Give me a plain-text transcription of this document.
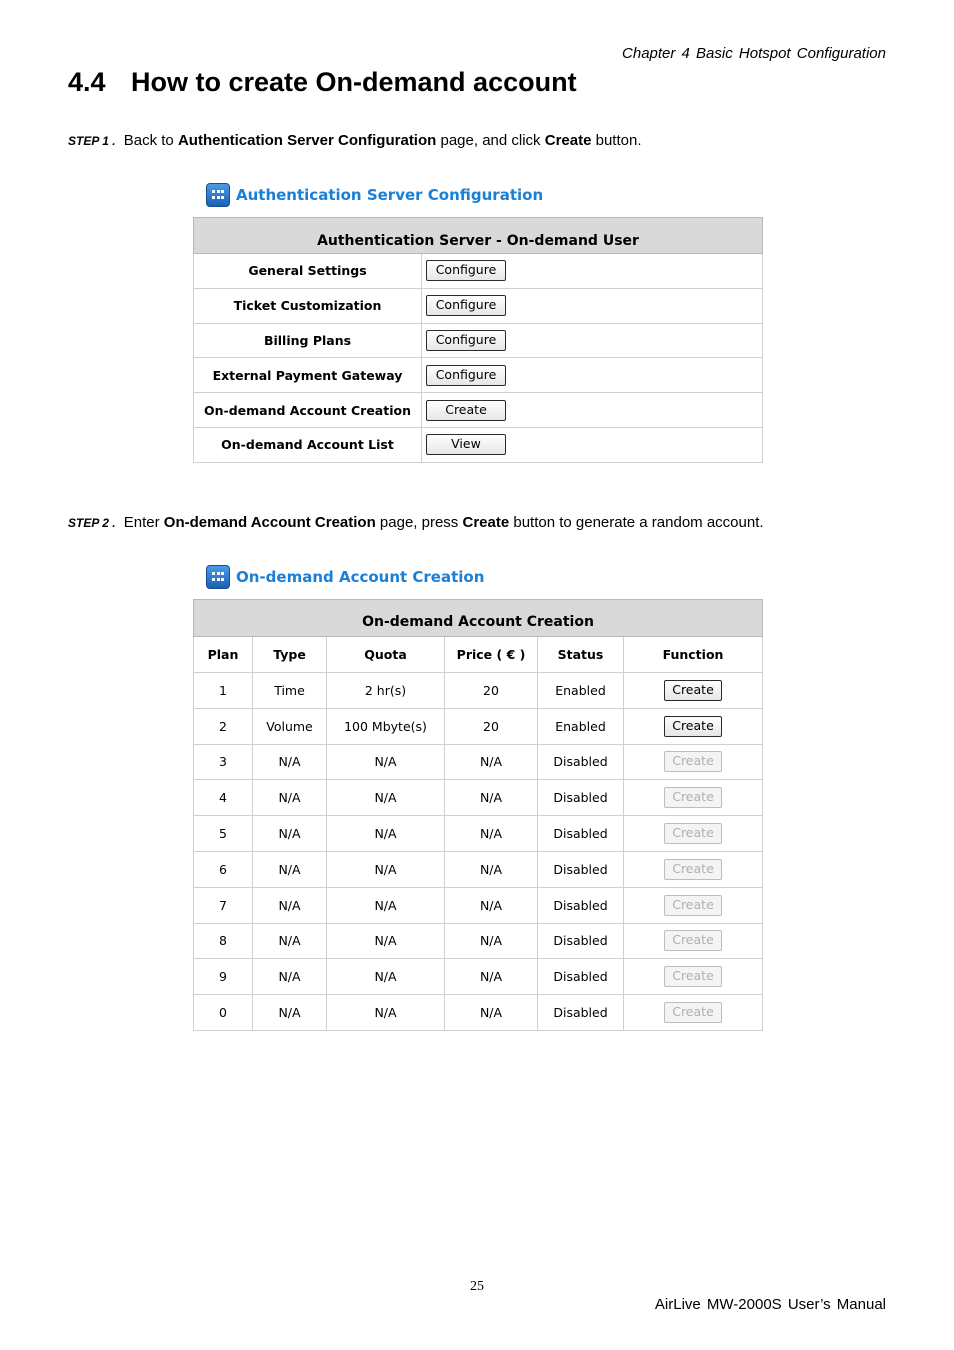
Chapter 4 Basic Hotspot Configuration
4.4 How to create On-demand account
STEP 1 . Back to Authentication Server Configuration page, and click Create button.
Authentication Server Configuration
Authentication Server - On-demand User	
General Settings	Configure
Ticket Customization	Configure
Billing Plans	Configure
External Payment Gateway	Configure
On-demand Account Creation	Create
On-demand Account List	View
STEP 2 . Enter On-demand Account Creation page, press Create button to generate a random account.
On-demand Account Creation
On-demand Account Creation					
Plan	Type	Quota	Price ( € )	Status	Function
1	Time	2 hr(s)	20	Enabled	Create
2	Volume	100 Mbyte(s)	20	Enabled	Create
3	N/A	N/A	N/A	Disabled	Create
4	N/A	N/A	N/A	Disabled	Create
5	N/A	N/A	N/A	Disabled	Create
6	N/A	N/A	N/A	Disabled	Create
7	N/A	N/A	N/A	Disabled	Create
8	N/A	N/A	N/A	Disabled	Create
9	N/A	N/A	N/A	Disabled	Create
0	N/A	N/A	N/A	Disabled	Create
25
AirLive MW-2000S User’s Manual
